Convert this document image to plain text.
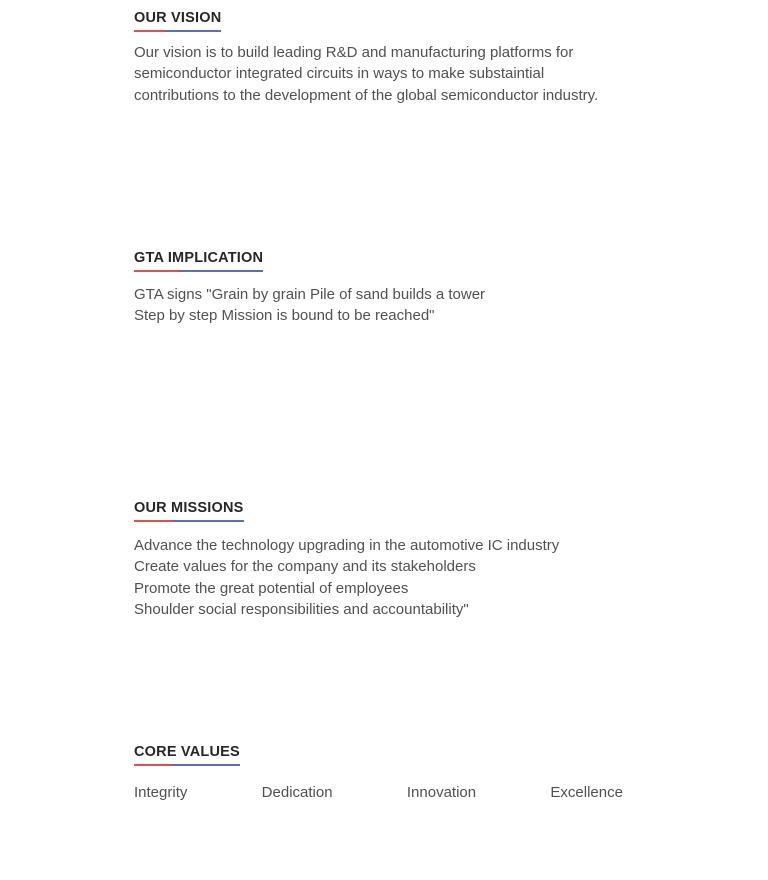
OUR VISION
Our vision is to build leading R&D and manufacturing platforms for
semiconductor integrated circuits in ways to make substaintial
contributions to the development of the global semiconductor industry.
GTA IMPLICATION
GTA signs "Grain by grain Pile of sand builds a tower
Step by step Mission is bound to be reached"
OUR MISSIONS
Advance the technology upgrading in the automotive IC industry
Create values for the company and its stakeholders
Promote the great potential of employees
Shoulder social responsibilities and accountability"
CORE VALUES
Integrity	Dedication	Innovation	Excellence
